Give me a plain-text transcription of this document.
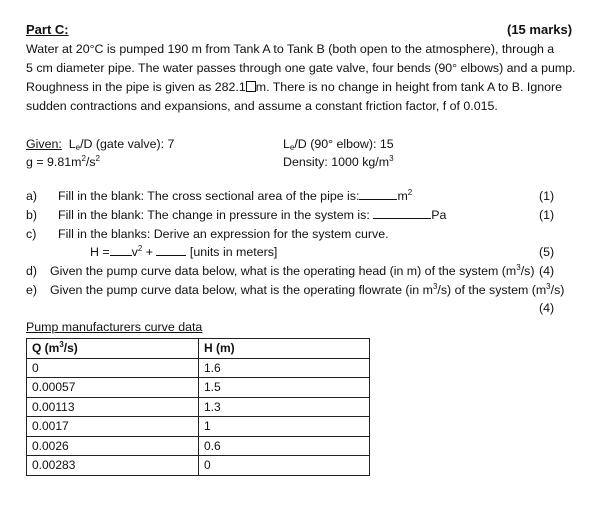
Part C:	(15 marks)
Water at 20°C is pumped 190 m from Tank A to Tank B (both open to the atmosphere), through a
5 cm diameter pipe. The water passes through one gate valve, four bends (90° elbows) and a pump.
Roughness in the pipe is given as 282.1 m. There is no change in height from tank A to B. Ignore
sudden contractions and expansions, and assume a constant friction factor, f of 0.015.
Given: $L_e/D$ (gate valve): 7	$L_e/D$ (90° elbow): 15
$g = 9.81m^2/s^2$	Density: 1000 $kg/m^3$
a) Fill in the blank: The cross sectional area of the pipe is:	$m^2$	(1)
b) Fill in the blank: The change in pressure in the system is:	Pa	(1)
c) Fill in the blanks: Derive an expression for the system curve.
$H = v^2$ +	[units in meters]	(5)
d) Given the pump curve data below, what is the operating head (in m) of the system $(m^3/s)$ (4)
e) Given the pump curve data below, what is the operating flowrate (in $m^3/s$) of the system $(m^3/s)$
(4)
Pump manufacturers curve data
Q $(m^3/s)$	H (m)
0	1.6
0.00057	1.5
0.00113	1.3
0.0017	1
0.0026	0.6
0.00283	0
